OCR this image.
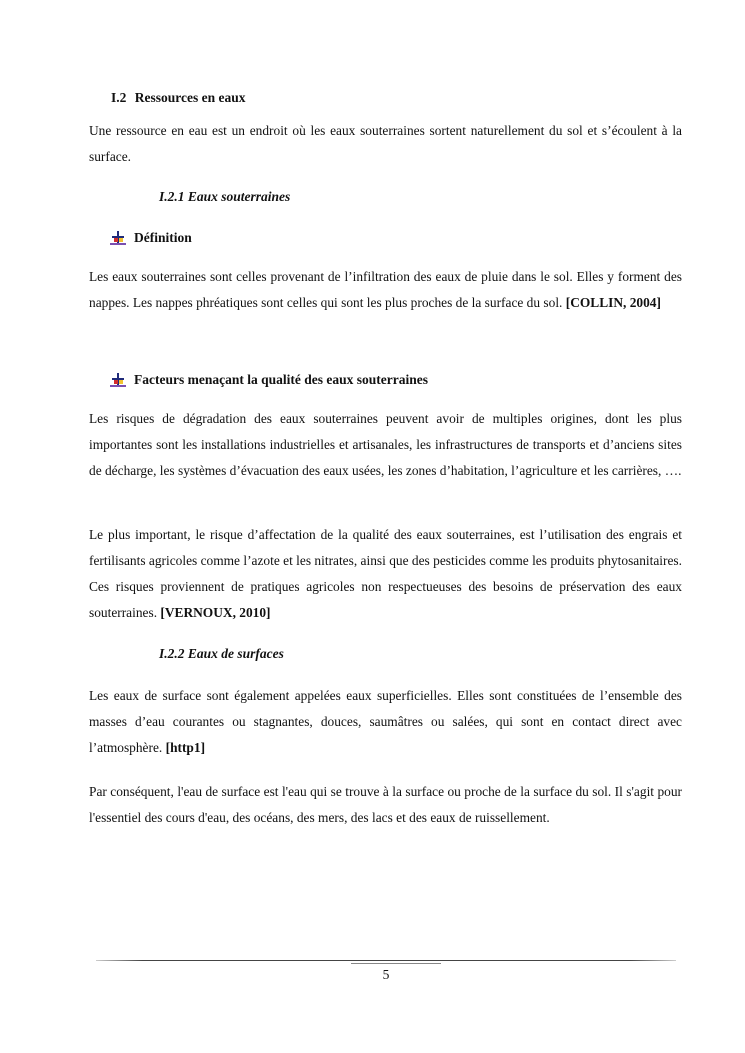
I.2 Ressources en eaux

Une ressource en eau est un endroit où les eaux souterraines sortent naturellement du sol et s’écoulent à la surface.

I.2.1 Eaux souterraines
Définition

Les eaux souterraines sont celles provenant de l’infiltration des eaux de pluie dans le sol. Elles y forment des nappes. Les nappes phréatiques sont celles qui sont les plus proches de la surface du sol. [COLLIN, 2004]

Facteurs menaçant la qualité des eaux souterraines

Les risques de dégradation des eaux souterraines peuvent avoir de multiples origines, dont les plus importantes sont les installations industrielles et artisanales, les infrastructures de transports et d’anciens sites de décharge, les systèmes d’évacuation des eaux usées, les zones d’habitation, l’agriculture et les carrières, ….

Le plus important, le risque d’affectation de la qualité des eaux souterraines, est l’utilisation des engrais et fertilisants agricoles comme l’azote et les nitrates, ainsi que des pesticides comme les produits phytosanitaires. Ces risques proviennent de pratiques agricoles non respectueuses des besoins de préservation des eaux souterraines. [VERNOUX, 2010]

I.2.2 Eaux de surfaces

Les eaux de surface sont également appelées eaux superficielles. Elles sont constituées de l’ensemble des masses d’eau courantes ou stagnantes, douces, saumâtres ou salées, qui sont en contact direct avec l’atmosphère. [http1]

Par conséquent, l'eau de surface est l'eau qui se trouve à la surface ou proche de la surface du sol. Il s'agit pour l'essentiel des cours d'eau, des océans, des mers, des lacs et des eaux de ruissellement.

5
